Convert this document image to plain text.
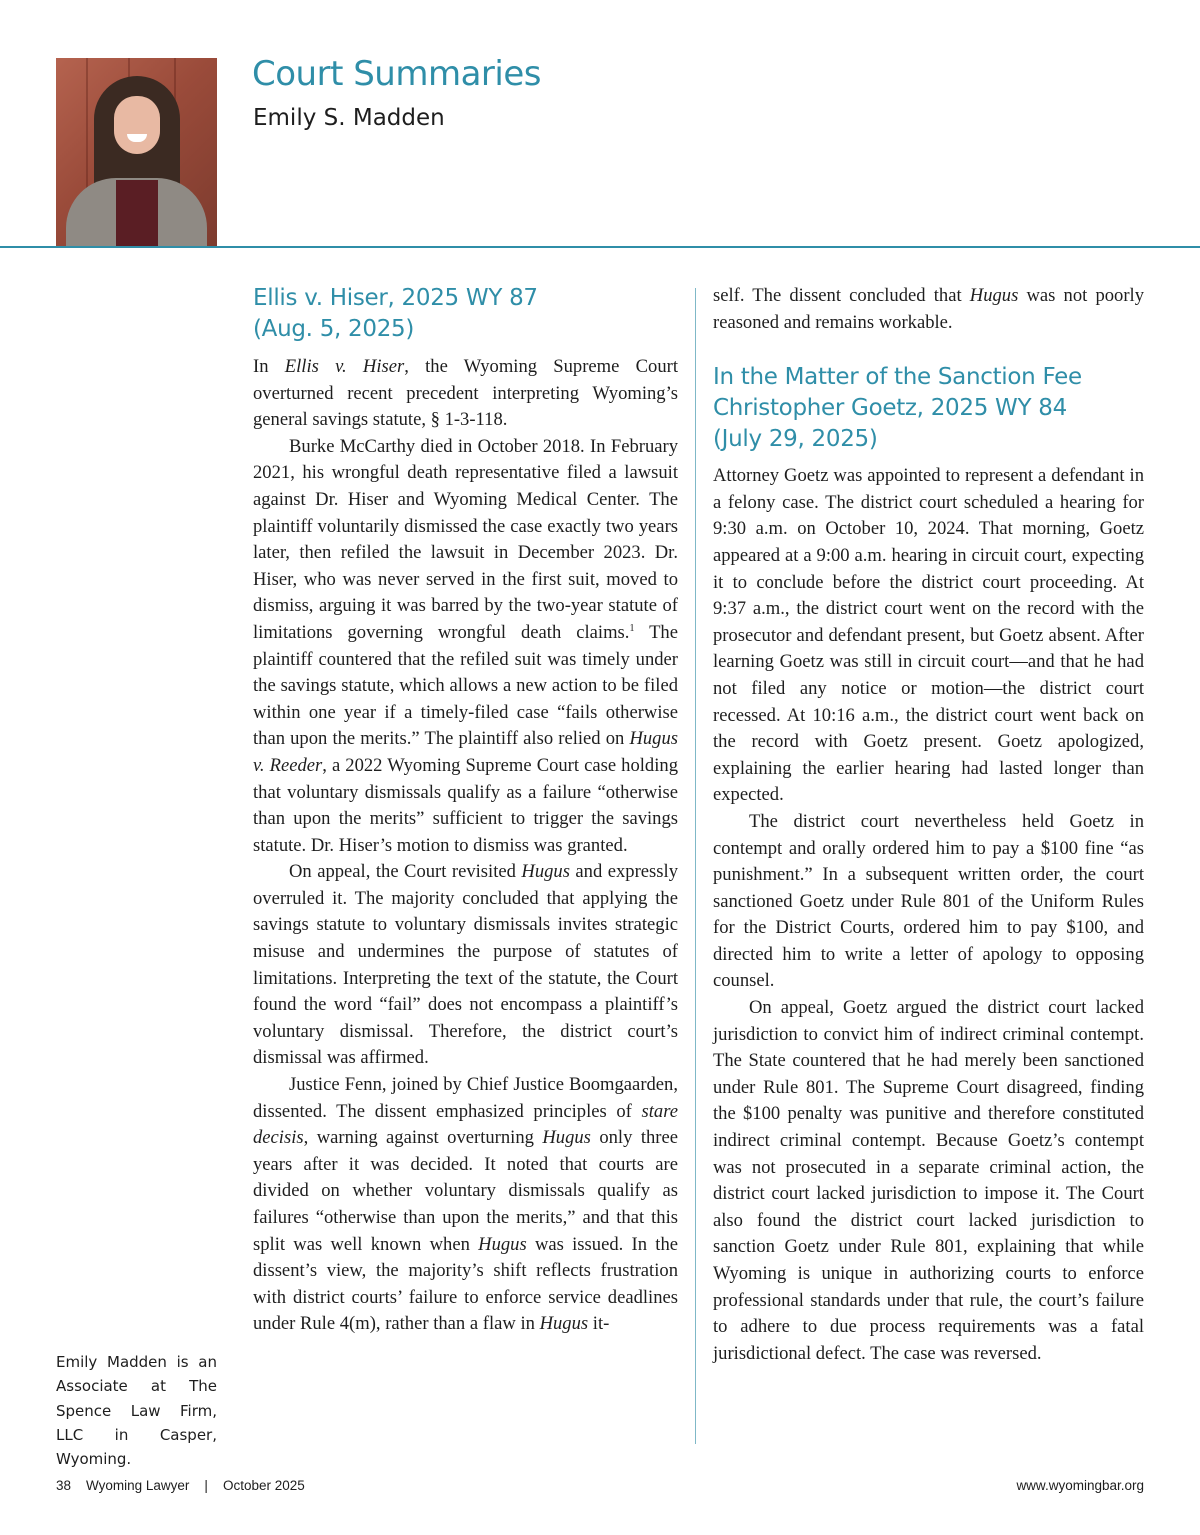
Court Summaries
Emily S. Madden
Ellis v. Hiser, 2025 WY 87
(Aug. 5, 2025)

In Ellis v. Hiser, the Wyoming Supreme Court overturned recent precedent interpreting Wyoming’s general savings statute, § 1-3-118.

Burke McCarthy died in October 2018. In February 2021, his wrongful death representative filed a lawsuit against Dr. Hiser and Wyoming Medical Center. The plaintiff voluntarily dismissed the case exactly two years later, then refiled the lawsuit in December 2023. Dr. Hiser, who was never served in the first suit, moved to dismiss, arguing it was barred by the two-year statute of limitations governing wrongful death claims.$^1$ The plaintiff countered that the refiled suit was timely under the savings statute, which allows a new action to be filed within one year if a timely-filed case “fails otherwise than upon the merits.” The plaintiff also relied on Hugus v. Reeder, a 2022 Wyoming Supreme Court case holding that voluntary dismissals qualify as a failure “otherwise than upon the merits” sufficient to trigger the savings statute. Dr. Hiser’s motion to dismiss was granted.

On appeal, the Court revisited Hugus and expressly overruled it. The majority concluded that applying the savings statute to voluntary dismissals invites strategic misuse and undermines the purpose of statutes of limitations. Interpreting the text of the statute, the Court found the word “fail” does not encompass a plaintiff’s voluntary dismissal. Therefore, the district court’s dismissal was affirmed.

Justice Fenn, joined by Chief Justice Boomgaarden, dissented. The dissent emphasized principles of stare decisis, warning against overturning Hugus only three years after it was decided. It noted that courts are divided on whether voluntary dismissals qualify as failures “otherwise than upon the merits,” and that this split was well known when Hugus was issued. In the dissent’s view, the majority’s shift reflects frustration with district courts’ failure to enforce service deadlines under Rule 4(m), rather than a flaw in Hugus it-

self. The dissent concluded that Hugus was not poorly reasoned and remains workable.

In the Matter of the Sanction Fee
Christopher Goetz, 2025 WY 84
(July 29, 2025)

Attorney Goetz was appointed to represent a defendant in a felony case. The district court scheduled a hearing for 9:30 a.m. on October 10, 2024. That morning, Goetz appeared at a 9:00 a.m. hearing in circuit court, expecting it to conclude before the district court proceeding. At 9:37 a.m., the district court went on the record with the prosecutor and defendant present, but Goetz absent. After learning Goetz was still in circuit court—and that he had not filed any notice or motion—the district court recessed. At 10:16 a.m., the district court went back on the record with Goetz present. Goetz apologized, explaining the earlier hearing had lasted longer than expected.

The district court nevertheless held Goetz in contempt and orally ordered him to pay a $100 fine “as punishment.” In a subsequent written order, the court sanctioned Goetz under Rule 801 of the Uniform Rules for the District Courts, ordered him to pay $100, and directed him to write a letter of apology to opposing counsel.

On appeal, Goetz argued the district court lacked jurisdiction to convict him of indirect criminal contempt. The State countered that he had merely been sanctioned under Rule 801. The Supreme Court disagreed, finding the $100 penalty was punitive and therefore constituted indirect criminal contempt. Because Goetz’s contempt was not prosecuted in a separate criminal action, the district court lacked jurisdiction to impose it. The Court also found the district court lacked jurisdiction to sanction Goetz under Rule 801, explaining that while Wyoming is unique in authorizing courts to enforce professional standards under that rule, the court’s failure to adhere to due process requirements was a fatal jurisdictional defect. The case was reversed.

Emily Madden is an Associate at The Spence Law Firm, LLC in Casper, Wyoming.
38    Wyoming Lawyer    |    October 2025	www.wyomingbar.org
